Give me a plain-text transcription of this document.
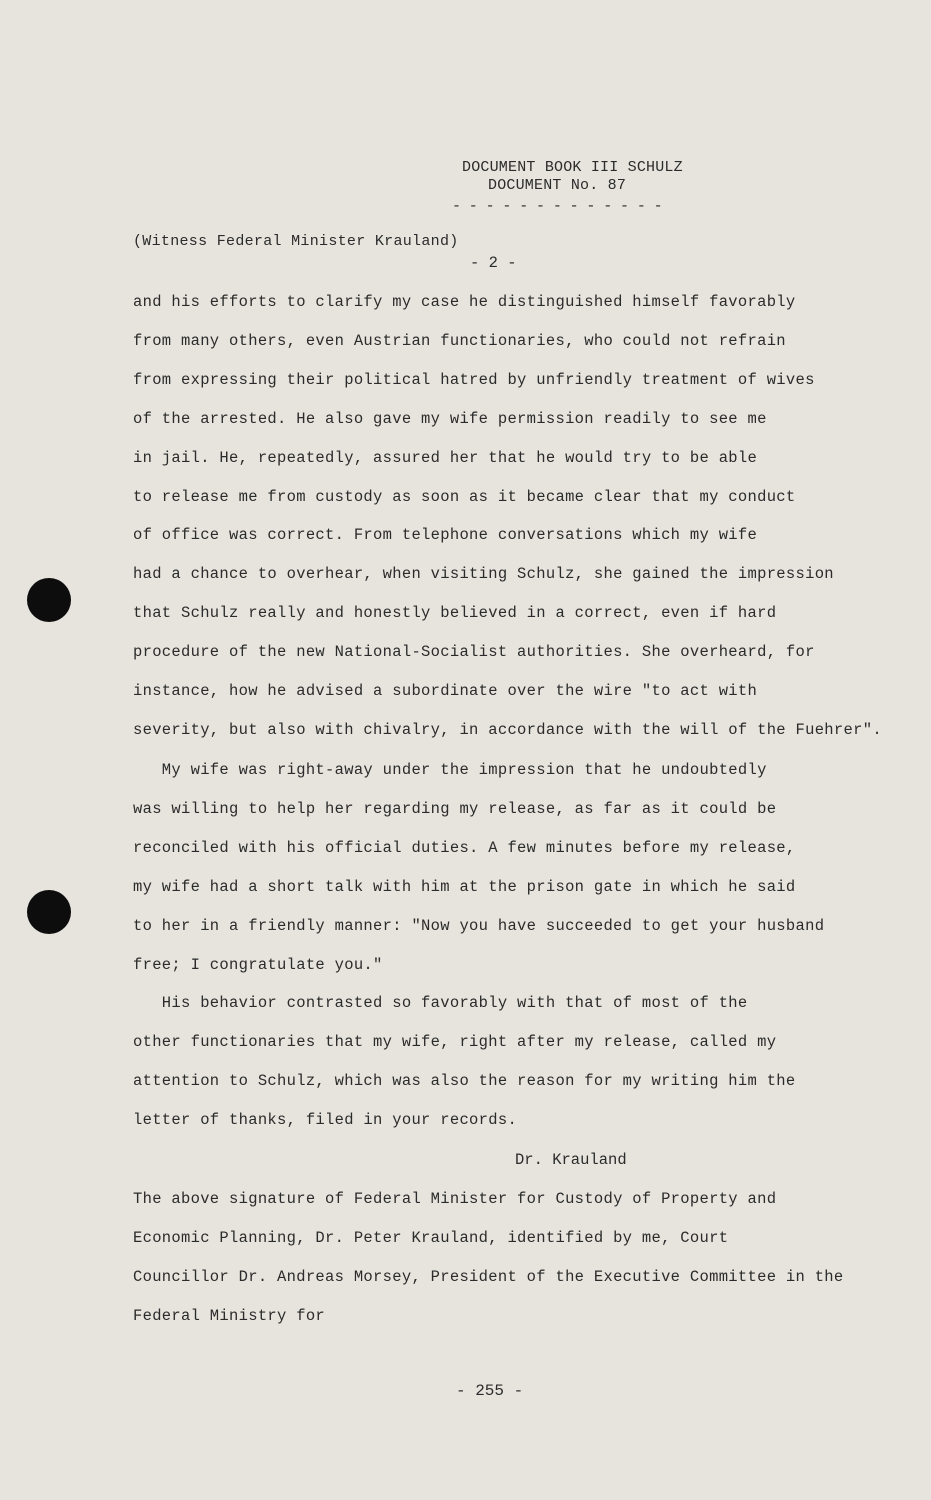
DOCUMENT BOOK III SCHULZ
DOCUMENT No. 87
- - - - - - - - - - - - -
(Witness Federal Minister Krauland)
- 2 -
and his efforts to clarify my case he distinguished himself favorably
from many others, even Austrian functionaries, who could not refrain
from expressing their political hatred by unfriendly treatment of wives
of the arrested. He also gave my wife permission readily to see me
in jail. He, repeatedly, assured her that he would try to be able
to release me from custody as soon as it became clear that my conduct
of office was correct. From telephone conversations which my wife
had a chance to overhear, when visiting Schulz, she gained the impression
that Schulz really and honestly believed in a correct, even if hard
procedure of the new National-Socialist authorities. She overheard, for
instance, how he advised a subordinate over the wire "to act with
severity, but also with chivalry, in accordance with the will of the Fuehrer".
My wife was right-away under the impression that he undoubtedly
was willing to help her regarding my release, as far as it could be
reconciled with his official duties. A few minutes before my release,
my wife had a short talk with him at the prison gate in which he said
to her in a friendly manner: "Now you have succeeded to get your husband
free; I congratulate you."
His behavior contrasted so favorably with that of most of the
other functionaries that my wife, right after my release, called my
attention to Schulz, which was also the reason for my writing him the
letter of thanks, filed in your records.
Dr. Krauland
The above signature of Federal Minister for Custody of Property and
Economic Planning, Dr. Peter Krauland, identified by me, Court
Councillor Dr. Andreas Morsey, President of the Executive Committee in the
Federal Ministry for
- 255 -
